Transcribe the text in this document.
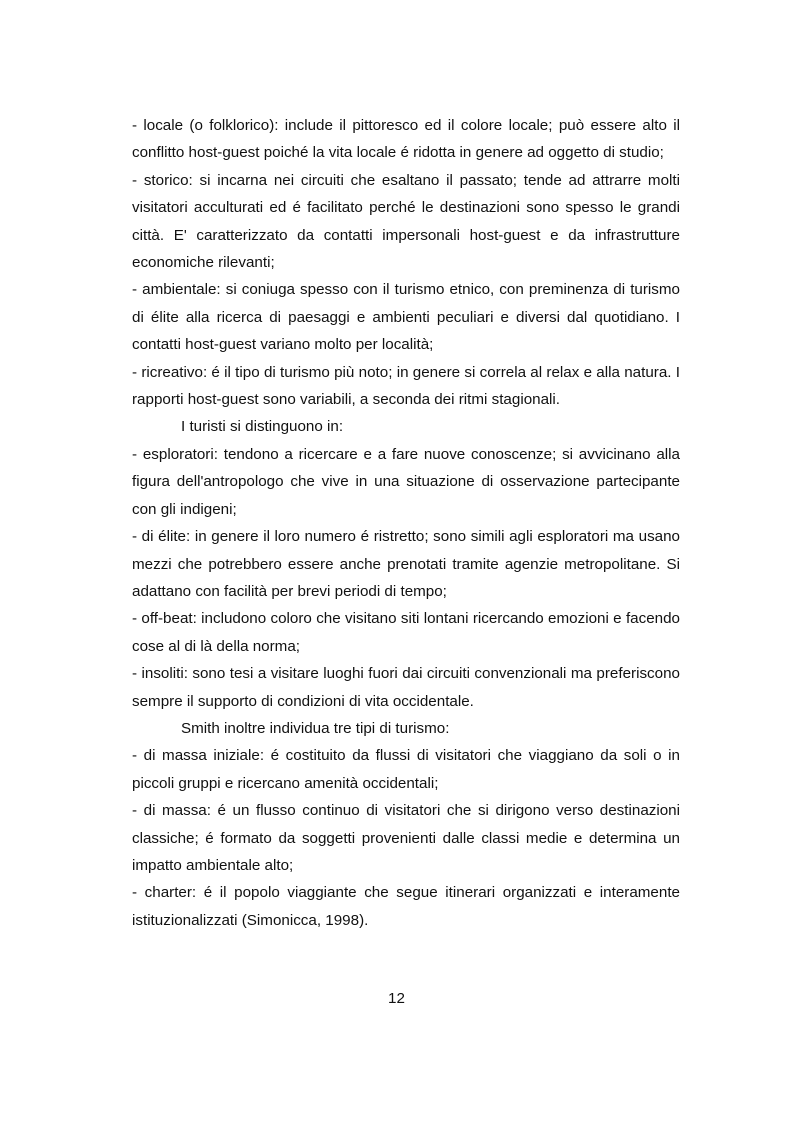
- locale (o folklorico): include il pittoresco ed il colore locale; può essere alto il conflitto host-guest poiché la vita locale é ridotta in genere ad oggetto di studio;

- storico: si incarna nei circuiti che esaltano il passato; tende ad attrarre molti visitatori acculturati ed é facilitato perché le destinazioni sono spesso le grandi città. E' caratterizzato da contatti impersonali host-guest e da infrastrutture economiche rilevanti;

- ambientale: si coniuga spesso con il turismo etnico, con preminenza di turismo di élite alla ricerca di paesaggi e ambienti peculiari e diversi dal quotidiano. I contatti host-guest variano molto per località;

- ricreativo: é il tipo di turismo più noto; in genere si correla al relax e alla natura. I rapporti host-guest sono variabili, a seconda dei ritmi stagionali.

I turisti si distinguono in:

- esploratori: tendono a ricercare e a fare nuove conoscenze; si avvicinano alla figura dell'antropologo che vive in una situazione di osservazione partecipante con gli indigeni;

- di élite: in genere il loro numero é ristretto; sono simili agli esploratori ma usano mezzi che potrebbero essere anche prenotati tramite agenzie metropolitane. Si adattano con facilità per brevi periodi di tempo;

- off-beat: includono coloro che visitano siti lontani ricercando emozioni e facendo cose al di là della norma;

- insoliti: sono tesi a visitare luoghi fuori dai circuiti convenzionali ma preferiscono sempre il supporto di condizioni di vita occidentale.

Smith inoltre individua tre tipi di turismo:

- di massa iniziale: é costituito da flussi di visitatori che viaggiano da soli o in piccoli gruppi e ricercano amenità occidentali;

- di massa: é un flusso continuo di visitatori che si dirigono verso destinazioni classiche; é formato da soggetti provenienti dalle classi medie e determina un impatto ambientale alto;

- charter: é il popolo viaggiante che segue itinerari organizzati e interamente istituzionalizzati (Simonicca, 1998).

12
